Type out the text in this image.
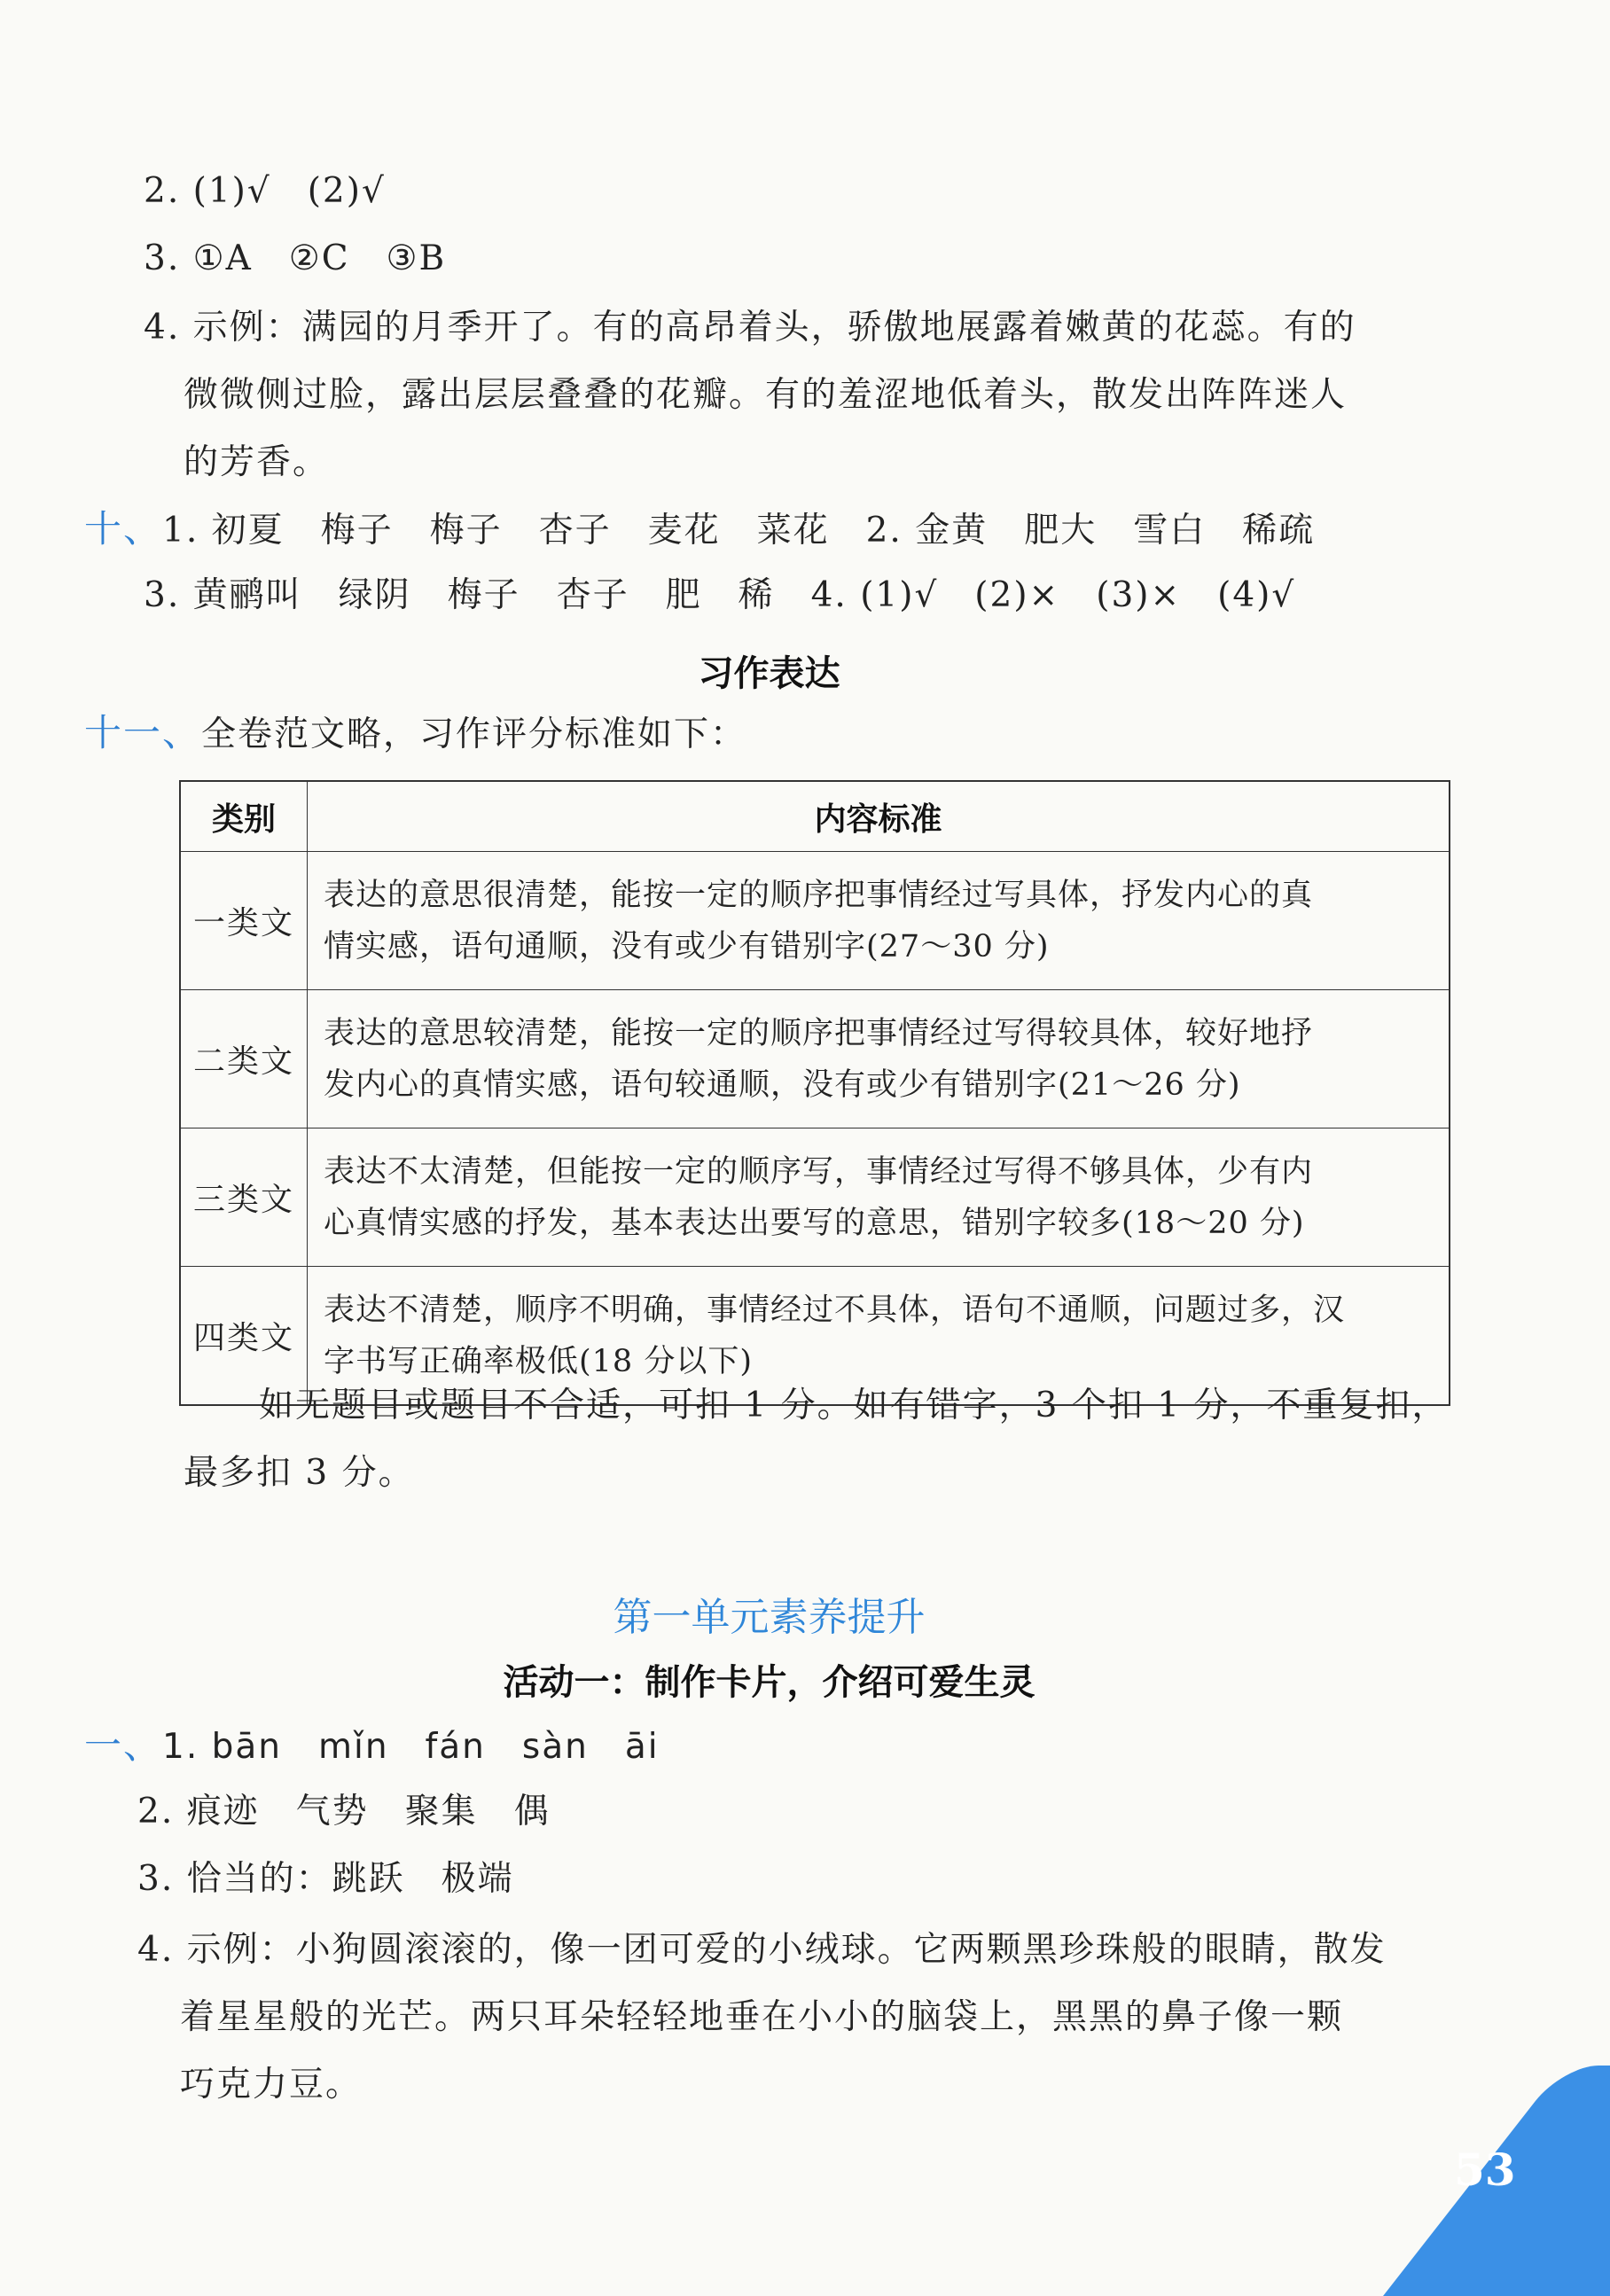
2. (1)√　(2)√
3. ①A　②C　③B
4. 示例：满园的月季开了。有的高昂着头，骄傲地展露着嫩黄的花蕊。有的
微微侧过脸，露出层层叠叠的花瓣。有的羞涩地低着头，散发出阵阵迷人
的芳香。
十、1. 初夏　梅子　梅子　杏子　麦花　菜花　2. 金黄　肥大　雪白　稀疏
3. 黄鹂叫　绿阴　梅子　杏子　肥　稀　4. (1)√　(2)×　(3)×　(4)√
习作表达
十一、全卷范文略，习作评分标准如下：
类别	内容标准
一类文	表达的意思很清楚，能按一定的顺序把事情经过写具体，抒发内心的真
情实感，语句通顺，没有或少有错别字(27～30 分)

二类文	表达的意思较清楚，能按一定的顺序把事情经过写得较具体，较好地抒
发内心的真情实感，语句较通顺，没有或少有错别字(21～26 分)

三类文	表达不太清楚，但能按一定的顺序写，事情经过写得不够具体，少有内
心真情实感的抒发，基本表达出要写的意思，错别字较多(18～20 分)

四类文	表达不清楚，顺序不明确，事情经过不具体，语句不通顺，问题过多，汉
字书写正确率极低(18 分以下)
如无题目或题目不合适，可扣 1 分。如有错字，3 个扣 1 分，不重复扣，
最多扣 3 分。
第一单元素养提升
活动一：制作卡片，介绍可爱生灵
一、1. bān　mǐn　fán　sàn　āi
2. 痕迹　气势　聚集　偶
3. 恰当的：跳跃　极端
4. 示例：小狗圆滚滚的，像一团可爱的小绒球。它两颗黑珍珠般的眼睛，散发
着星星般的光芒。两只耳朵轻轻地垂在小小的脑袋上，黑黑的鼻子像一颗
巧克力豆。
53
